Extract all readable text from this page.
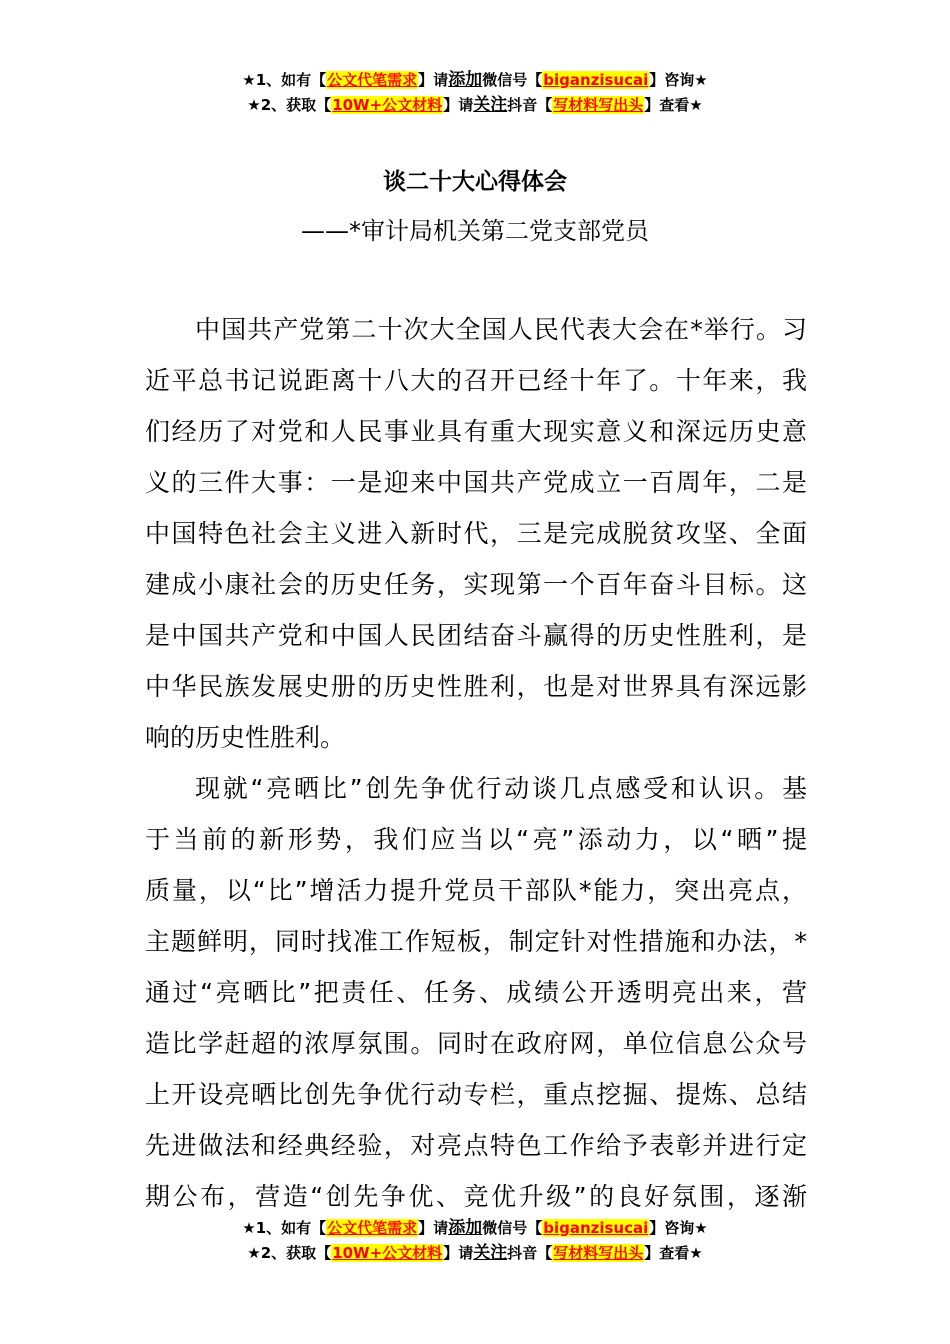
★1、如有【公文代笔需求】请添加微信号【biganzisucai】咨询★
★2、获取【10W+公文材料】请关注抖音【写材料写出头】查看★
谈二十大心得体会
——*审计局机关第二党支部党员

中国共产党第二十次大全国人民代表大会在*举行。习
近平总书记说距离十八大的召开已经十年了。十年来，我
们经历了对党和人民事业具有重大现实意义和深远历史意
义的三件大事：一是迎来中国共产党成立一百周年，二是
中国特色社会主义进入新时代，三是完成脱贫攻坚、全面
建成小康社会的历史任务，实现第一个百年奋斗目标。这
是中国共产党和中国人民团结奋斗赢得的历史性胜利，是
中华民族发展史册的历史性胜利，也是对世界具有深远影
响的历史性胜利。

现就“亮晒比”创先争优行动谈几点感受和认识。基
于当前的新形势，我们应当以“亮”添动力，以“晒”提
质量，以“比”增活力提升党员干部队*能力，突出亮点，
主题鲜明，同时找准工作短板，制定针对性措施和办法，*
通过“亮晒比”把责任、任务、成绩公开透明亮出来，营
造比学赶超的浓厚氛围。同时在政府网，单位信息公众号
上开设亮晒比创先争优行动专栏，重点挖掘、提炼、总结
先进做法和经典经验，对亮点特色工作给予表彰并进行定
期公布，营造“创先争优、竞优升级”的良好氛围，逐渐

★1、如有【公文代笔需求】请添加微信号【biganzisucai】咨询★
★2、获取【10W+公文材料】请关注抖音【写材料写出头】查看★
